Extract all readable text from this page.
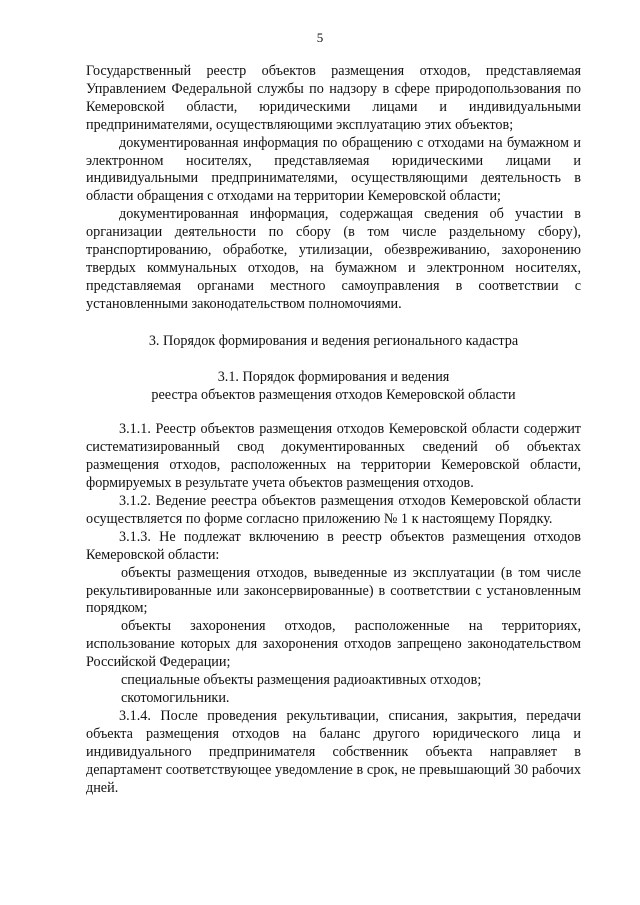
5

Государственный реестр объектов размещения отходов, представляемая Управлением Федеральной службы по надзору в сфере природопользования по Кемеровской области, юридическими лицами и индивидуальными предпринимателями, осуществляющими эксплуатацию этих объектов;

документированная информация по обращению с отходами на бумажном и электронном носителях, представляемая юридическими лицами и индивидуальными предпринимателями, осуществляющими деятельность в области обращения с отходами на территории Кемеровской области;

документированная информация, содержащая сведения об участии в организации деятельности по сбору (в том числе раздельному сбору), транспортированию, обработке, утилизации, обезвреживанию, захоронению твердых коммунальных отходов, на бумажном и электронном носителях, представляемая органами местного самоуправления в соответствии с установленными законодательством полномочиями.

3. Порядок формирования и ведения регионального кадастра

3.1. Порядок формирования и ведения

реестра объектов размещения отходов Кемеровской области

3.1.1. Реестр объектов размещения отходов Кемеровской области содержит систематизированный свод документированных сведений об объектах размещения отходов, расположенных на территории Кемеровской области, формируемых в результате учета объектов размещения отходов.

3.1.2. Ведение реестра объектов размещения отходов Кемеровской области осуществляется по форме согласно приложению № 1 к настоящему Порядку.

3.1.3. Не подлежат включению в реестр объектов размещения отходов Кемеровской области:

объекты размещения отходов, выведенные из эксплуатации (в том числе рекультивированные или законсервированные) в соответствии с установленным порядком;

объекты захоронения отходов, расположенные на территориях, использование которых для захоронения отходов запрещено законодательством Российской Федерации;

специальные объекты размещения радиоактивных отходов;

скотомогильники.

3.1.4. После проведения рекультивации, списания, закрытия, передачи объекта размещения отходов на баланс другого юридического лица и индивидуального предпринимателя собственник объекта направляет в департамент соответствующее уведомление в срок, не превышающий 30 рабочих дней.
